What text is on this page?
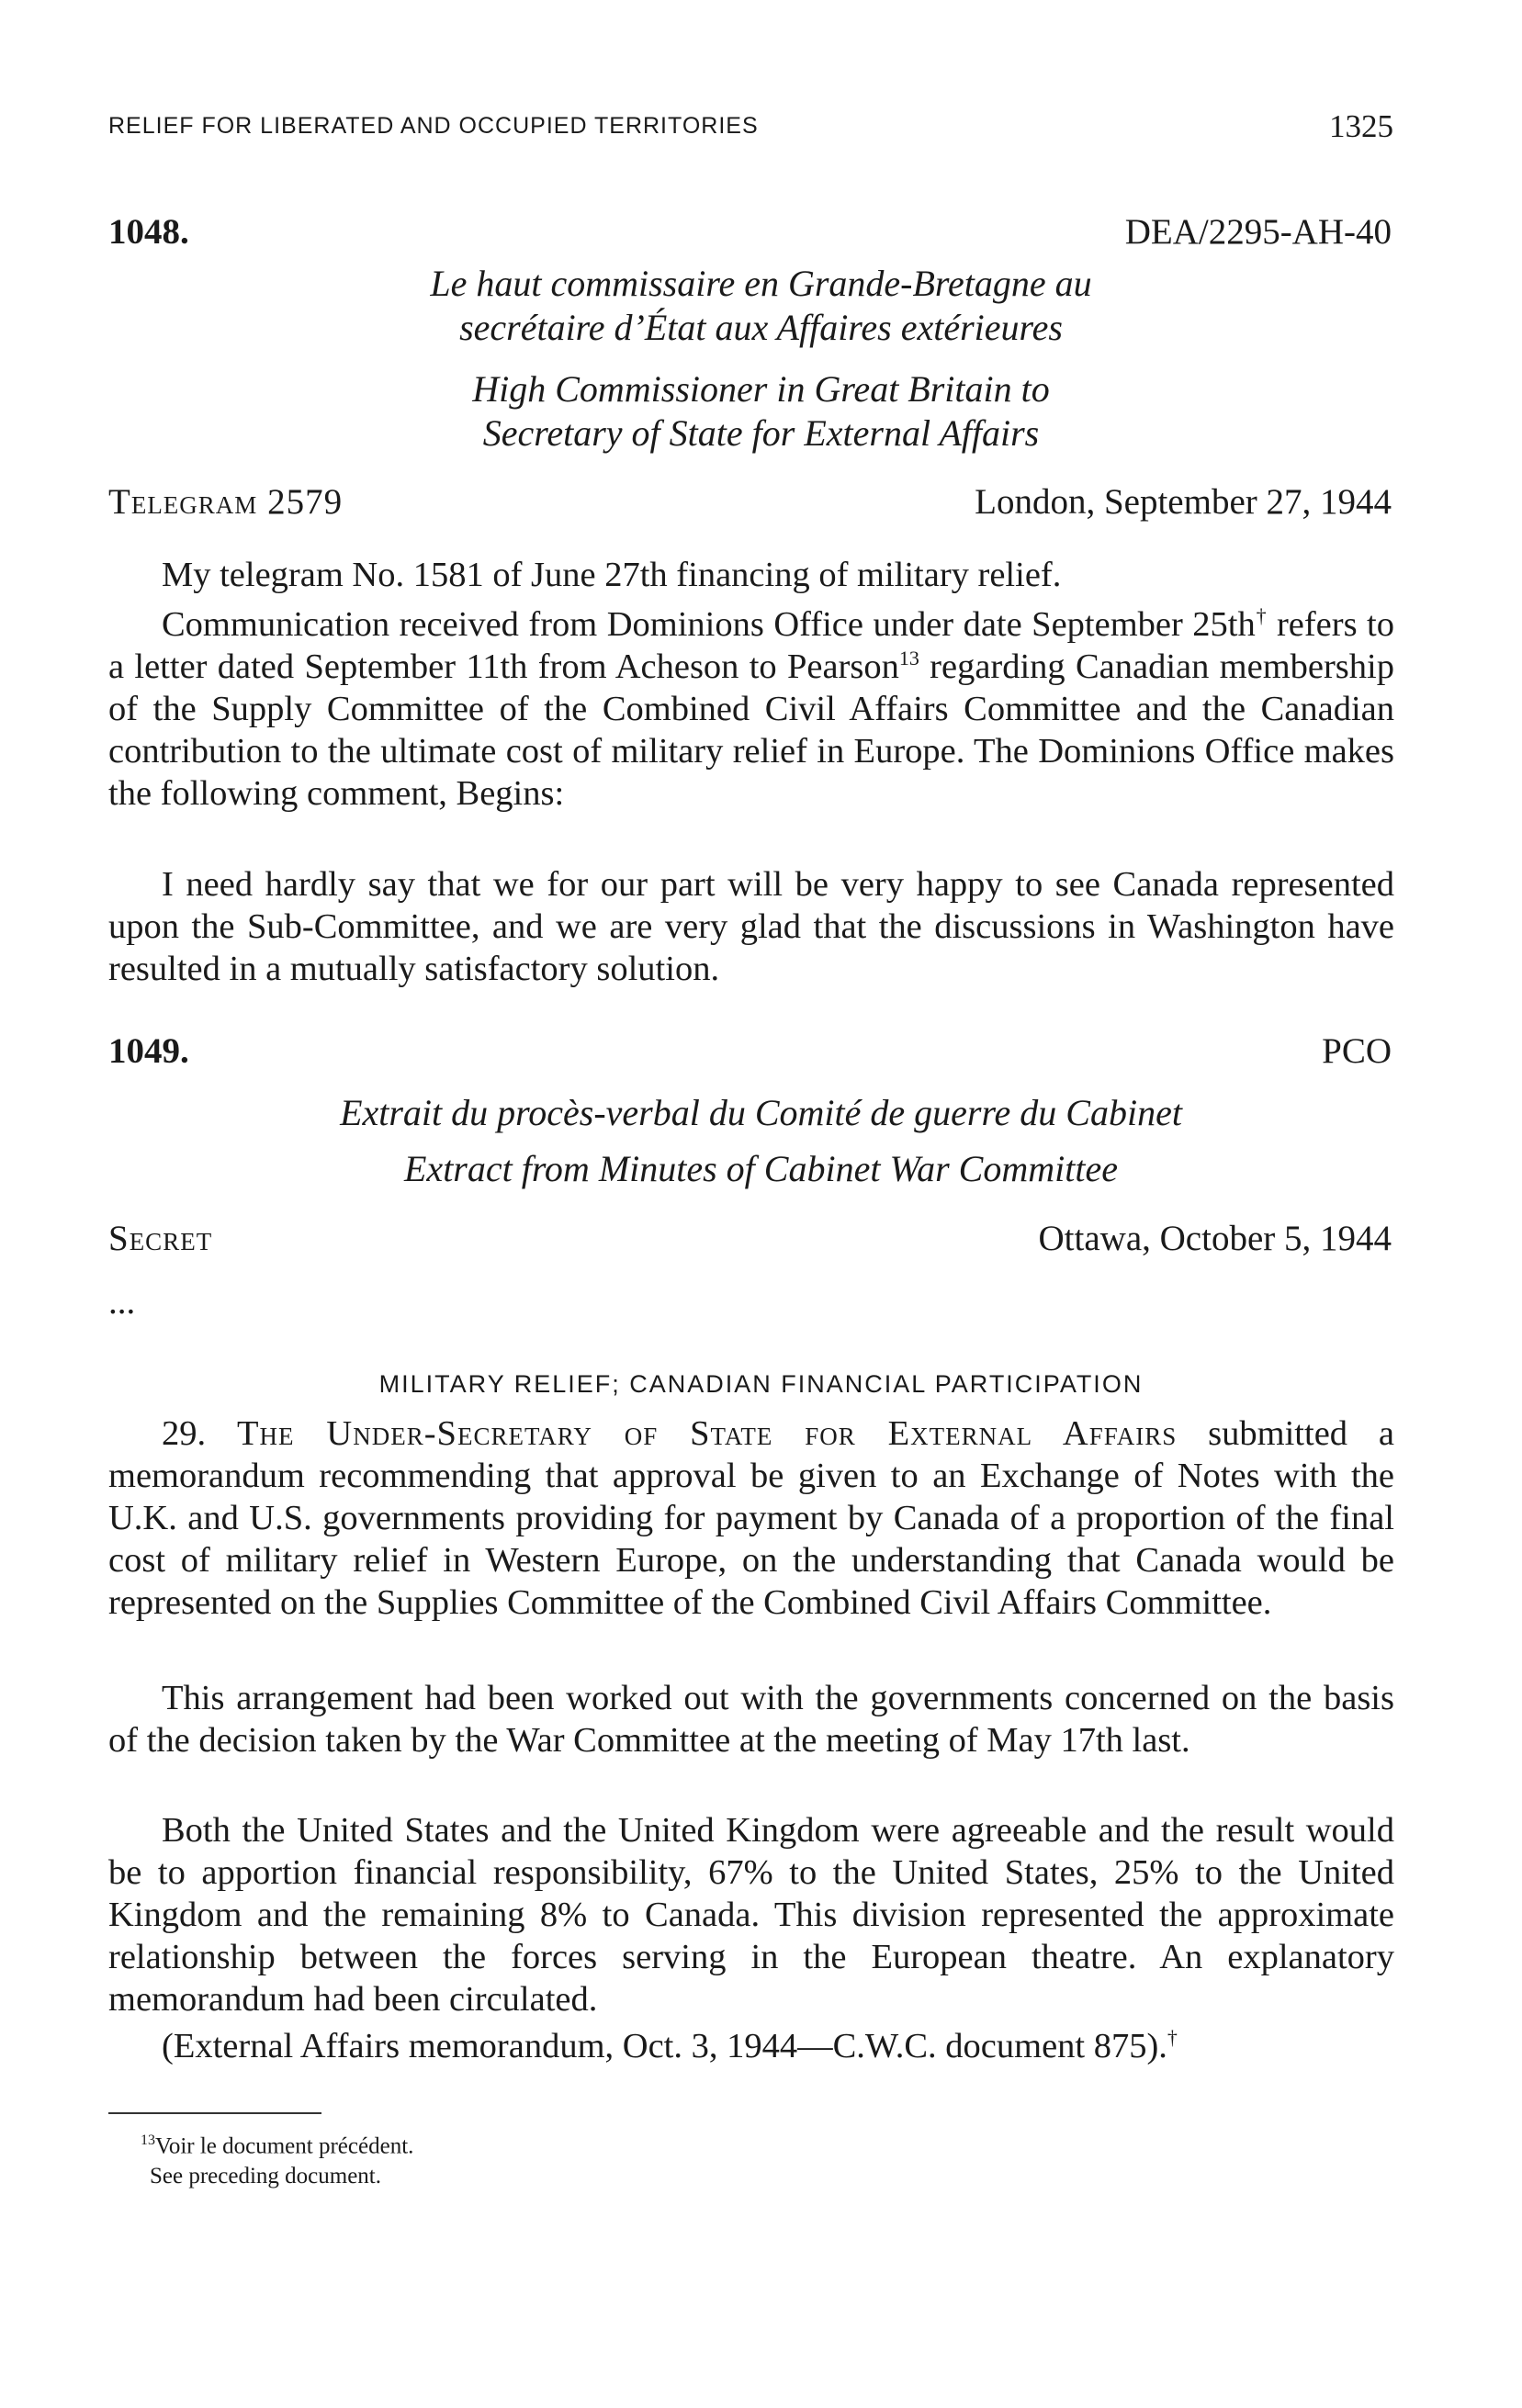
RELIEF FOR LIBERATED AND OCCUPIED TERRITORIES	1325
1048.	DEA/2295-AH-40
Le haut commissaire en Grande-Bretagne au
secrétaire d’État aux Affaires extérieures
High Commissioner in Great Britain to
Secretary of State for External Affairs
Telegram 2579	London, September 27, 1944

My telegram No. 1581 of June 27th financing of military relief.

Communication received from Dominions Office under date September 25th† refers to a letter dated September 11th from Acheson to Pearson$^{13}$ regarding Canadian membership of the Supply Committee of the Combined Civil Affairs Committee and the Canadian contribution to the ultimate cost of military relief in Europe. The Dominions Office makes the following comment, Begins:

I need hardly say that we for our part will be very happy to see Canada represented upon the Sub-Committee, and we are very glad that the discussions in Washington have resulted in a mutually satisfactory solution.

1049.	PCO
Extrait du procès-verbal du Comité de guerre du Cabinet
Extract from Minutes of Cabinet War Committee
Secret	Ottawa, October 5, 1944
...
MILITARY RELIEF; CANADIAN FINANCIAL PARTICIPATION

29. The Under-Secretary of State for External Affairs submitted a memorandum recommending that approval be given to an Exchange of Notes with the U.K. and U.S. governments providing for payment by Canada of a proportion of the final cost of military relief in Western Europe, on the understanding that Canada would be represented on the Supplies Committee of the Combined Civil Affairs Committee.

This arrangement had been worked out with the governments concerned on the basis of the decision taken by the War Committee at the meeting of May 17th last.

Both the United States and the United Kingdom were agreeable and the result would be to apportion financial responsibility, 67% to the United States, 25% to the United Kingdom and the remaining 8% to Canada. This division represented the approximate relationship between the forces serving in the European theatre. An explanatory memorandum had been circulated.

(External Affairs memorandum, Oct. 3, 1944—C.W.C. document 875).†

$^{13}$Voir le document précédent.
See preceding document.
